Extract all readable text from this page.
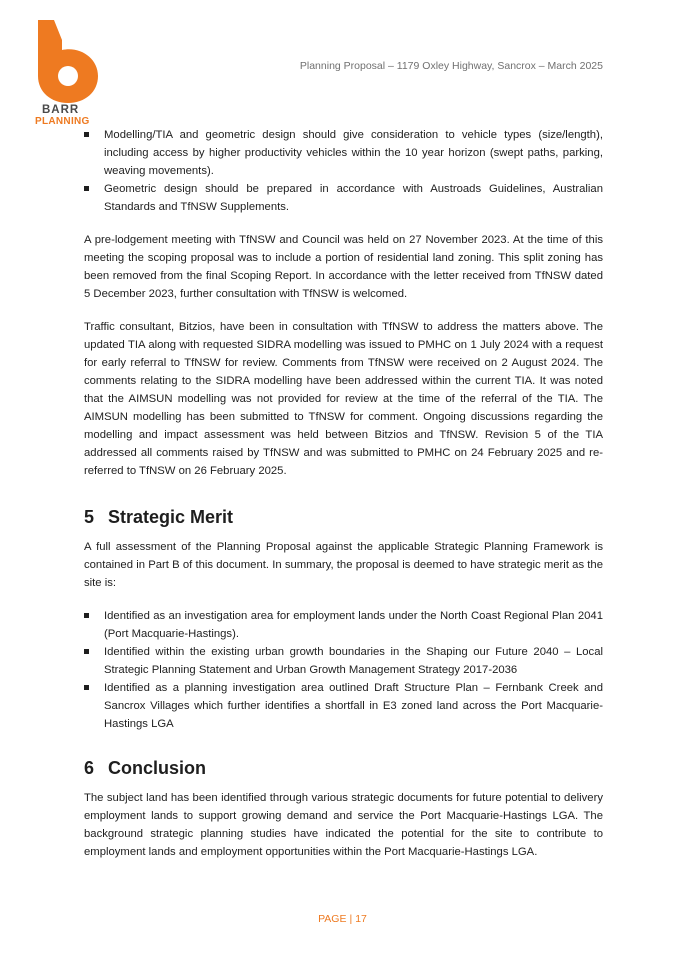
BARR
PLANNING
Planning Proposal – 1179 Oxley Highway, Sancrox – March 2025
Modelling/TIA and geometric design should give consideration to vehicle types (size/length), including access by higher productivity vehicles within the 10 year horizon (swept paths, parking, weaving movements).
Geometric design should be prepared in accordance with Austroads Guidelines, Australian Standards and TfNSW Supplements.

A pre-lodgement meeting with TfNSW and Council was held on 27 November 2023. At the time of this meeting the scoping proposal was to include a portion of residential land zoning. This split zoning has been removed from the final Scoping Report. In accordance with the letter received from TfNSW dated 5 December 2023, further consultation with TfNSW is welcomed.

Traffic consultant, Bitzios, have been in consultation with TfNSW to address the matters above. The updated TIA along with requested SIDRA modelling was issued to PMHC on 1 July 2024 with a request for early referral to TfNSW for review. Comments from TfNSW were received on 2 August 2024. The comments relating to the SIDRA modelling have been addressed within the current TIA. It was noted that the AIMSUN modelling was not provided for review at the time of the referral of the TIA. The AIMSUN modelling has been submitted to TfNSW for comment. Ongoing discussions regarding the modelling and impact assessment was held between Bitzios and TfNSW. Revision 5 of the TIA addressed all comments raised by TfNSW and was submitted to PMHC on 24 February 2025 and re-referred to TfNSW on 26 February 2025.

5 Strategic Merit

A full assessment of the Planning Proposal against the applicable Strategic Planning Framework is contained in Part B of this document. In summary, the proposal is deemed to have strategic merit as the site is:

Identified as an investigation area for employment lands under the North Coast Regional Plan 2041 (Port Macquarie-Hastings).
Identified within the existing urban growth boundaries in the Shaping our Future 2040 – Local Strategic Planning Statement and Urban Growth Management Strategy 2017-2036
Identified as a planning investigation area outlined Draft Structure Plan – Fernbank Creek and Sancrox Villages which further identifies a shortfall in E3 zoned land across the Port Macquarie-Hastings LGA
6 Conclusion

The subject land has been identified through various strategic documents for future potential to delivery employment lands to support growing demand and service the Port Macquarie-Hastings LGA. The background strategic planning studies have indicated the potential for the site to contribute to employment lands and employment opportunities within the Port Macquarie-Hastings LGA.

PAGE | 17
